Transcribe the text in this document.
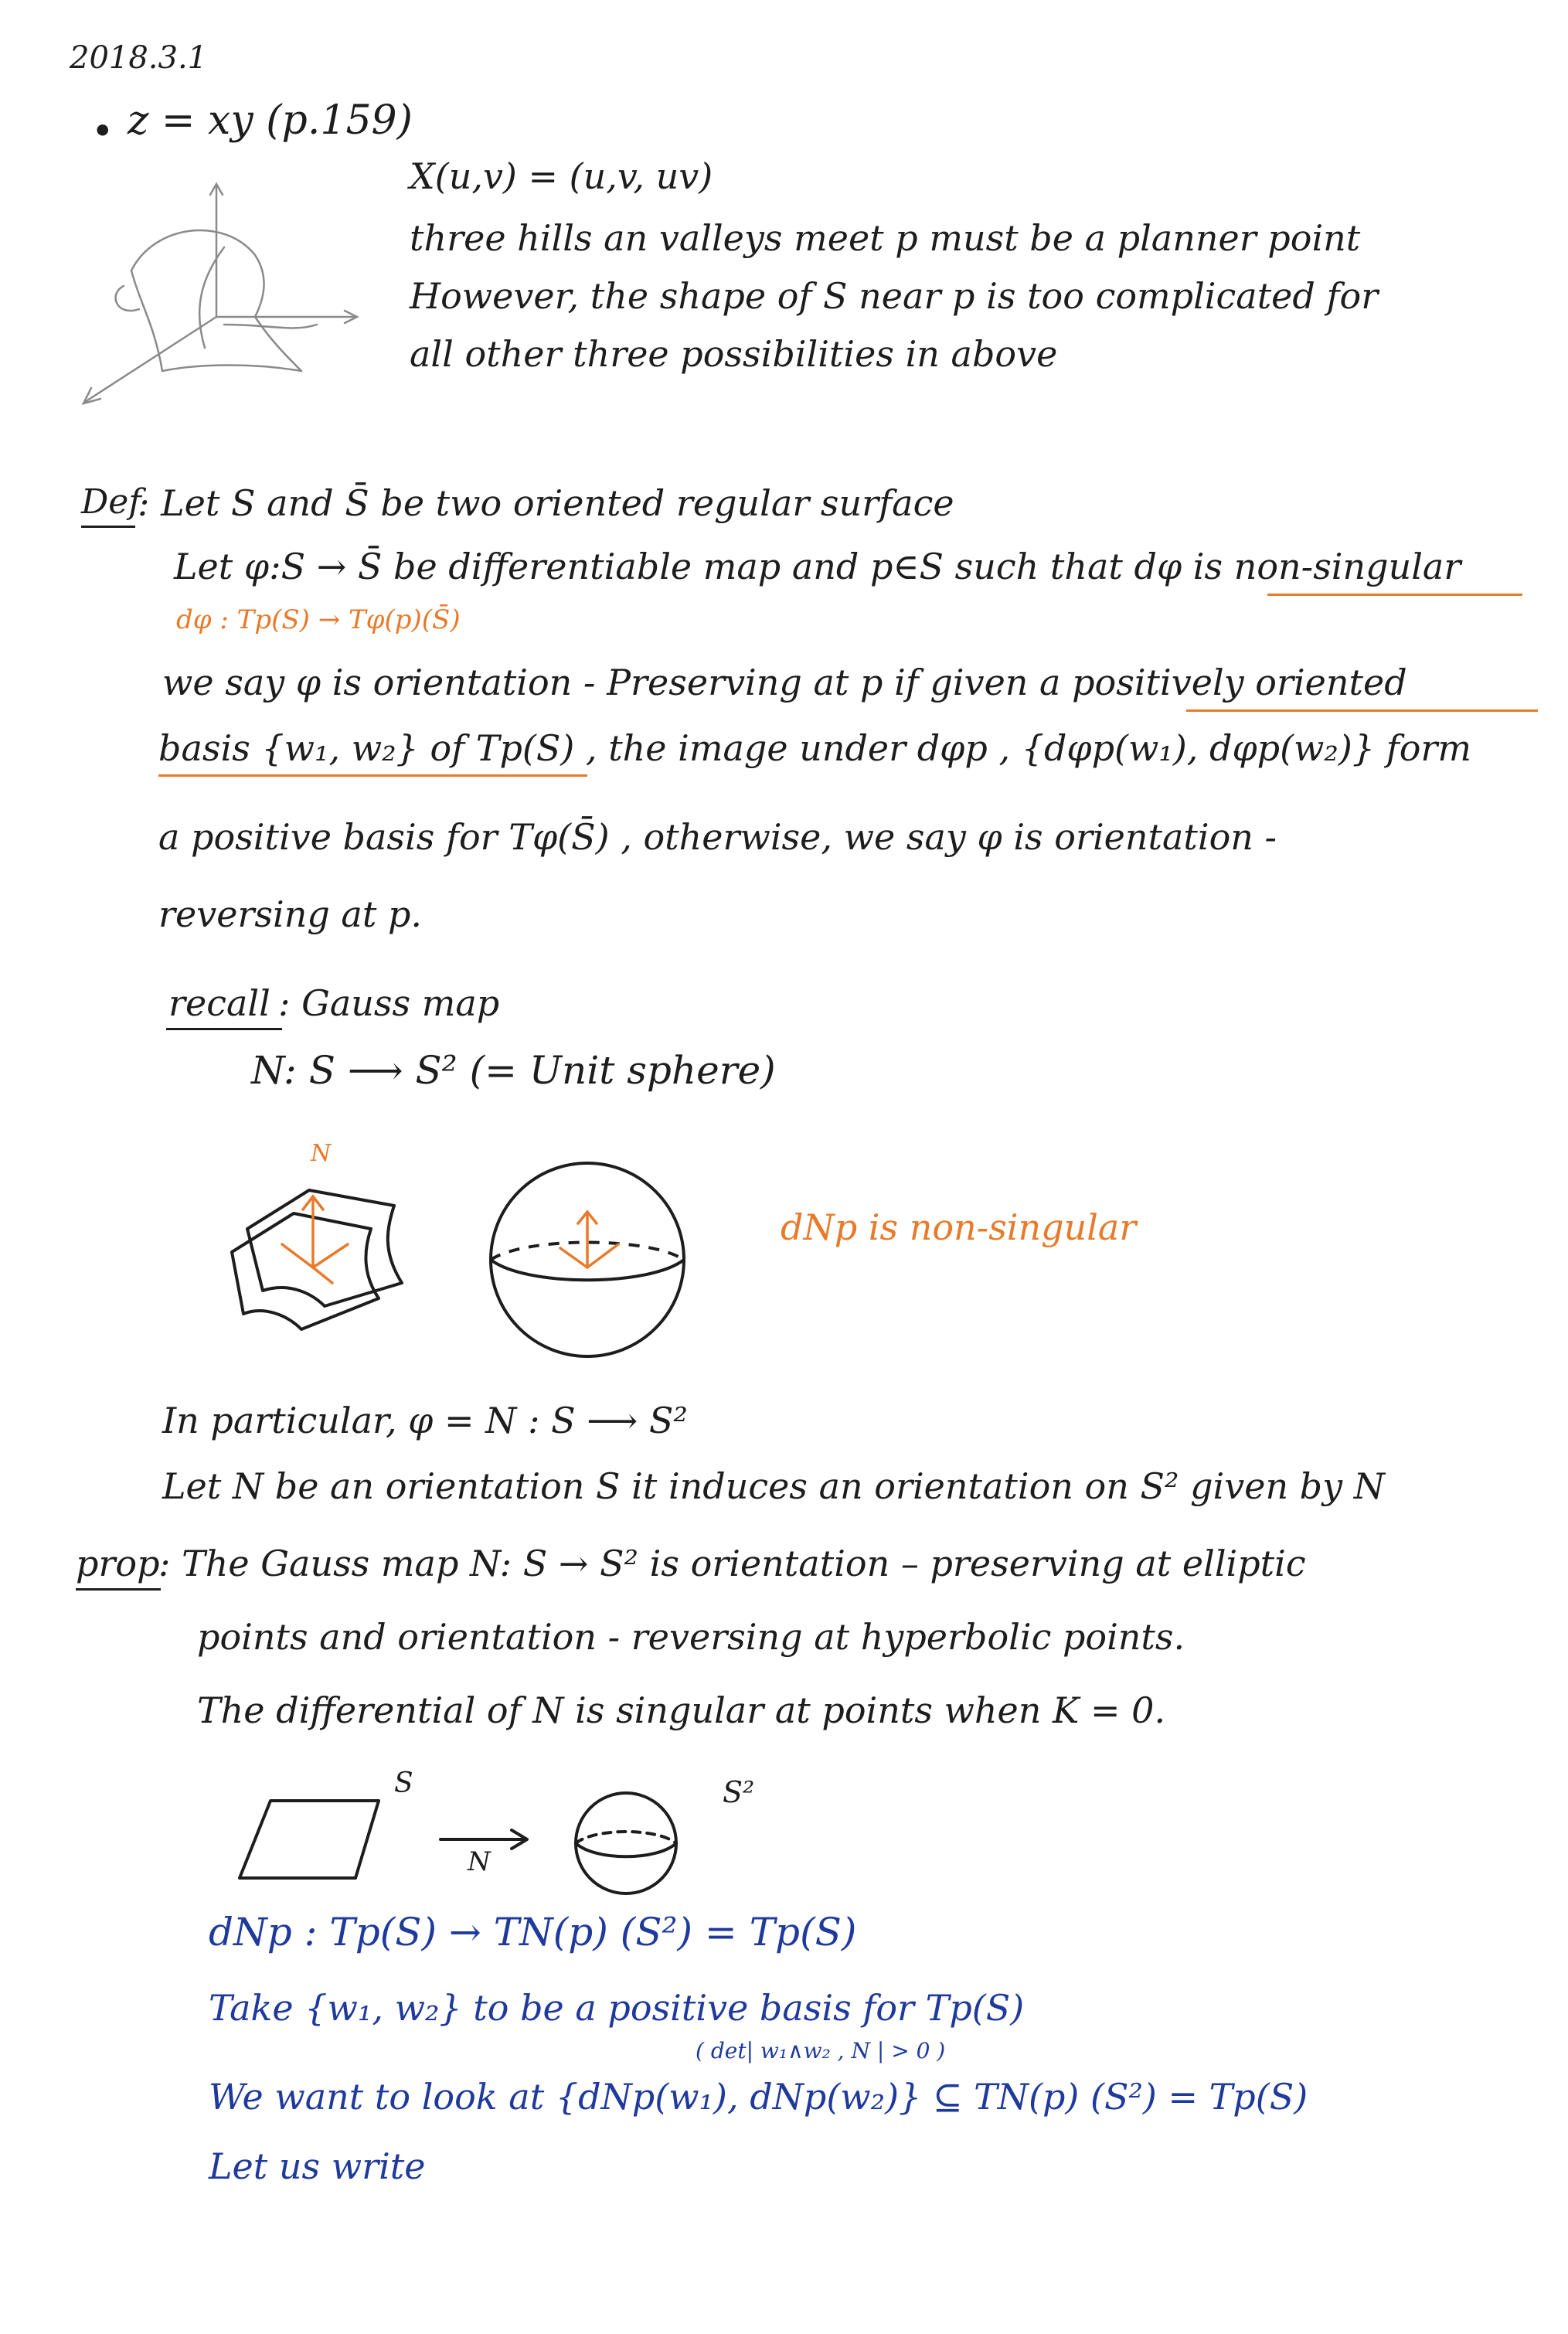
2018.3.1
• z = xy (p.159)
X(u,v) = (u,v, uv)
three hills an valleys meet p must be a planner point
However, the shape of S near p is too complicated for
all other three possibilities in above
Def
: Let S and S̄ be two oriented regular surface
Let φ:S → S̄ be differentiable map and p∈S such that dφ is non-singular
dφ : Tp(S) → Tφ(p)(S̄)
we say φ is orientation - Preserving at p if given a positively oriented
basis {w₁, w₂} of Tp(S) , the image under dφp , {dφp(w₁), dφp(w₂)} form
a positive basis for Tφ(S̄) , otherwise, we say φ is orientation -
reversing at p.
recall : Gauss map
N: S ⟶ S² (= Unit sphere)
N
dNp is non-singular
In particular, φ = N : S ⟶ S²
Let N be an orientation S it induces an orientation on S² given by N
prop
: The Gauss map N: S → S² is orientation – preserving at elliptic
points and orientation - reversing at hyperbolic points.
The differential of N is singular at points when K = 0.
S
N
S²
dNp : Tp(S) → TN(p) (S²) = Tp(S)
Take {w₁, w₂} to be a positive basis for Tp(S)
( det| w₁∧w₂ , N | > 0 )
We want to look at {dNp(w₁), dNp(w₂)} ⊆ TN(p) (S²) = Tp(S)
Let us write
